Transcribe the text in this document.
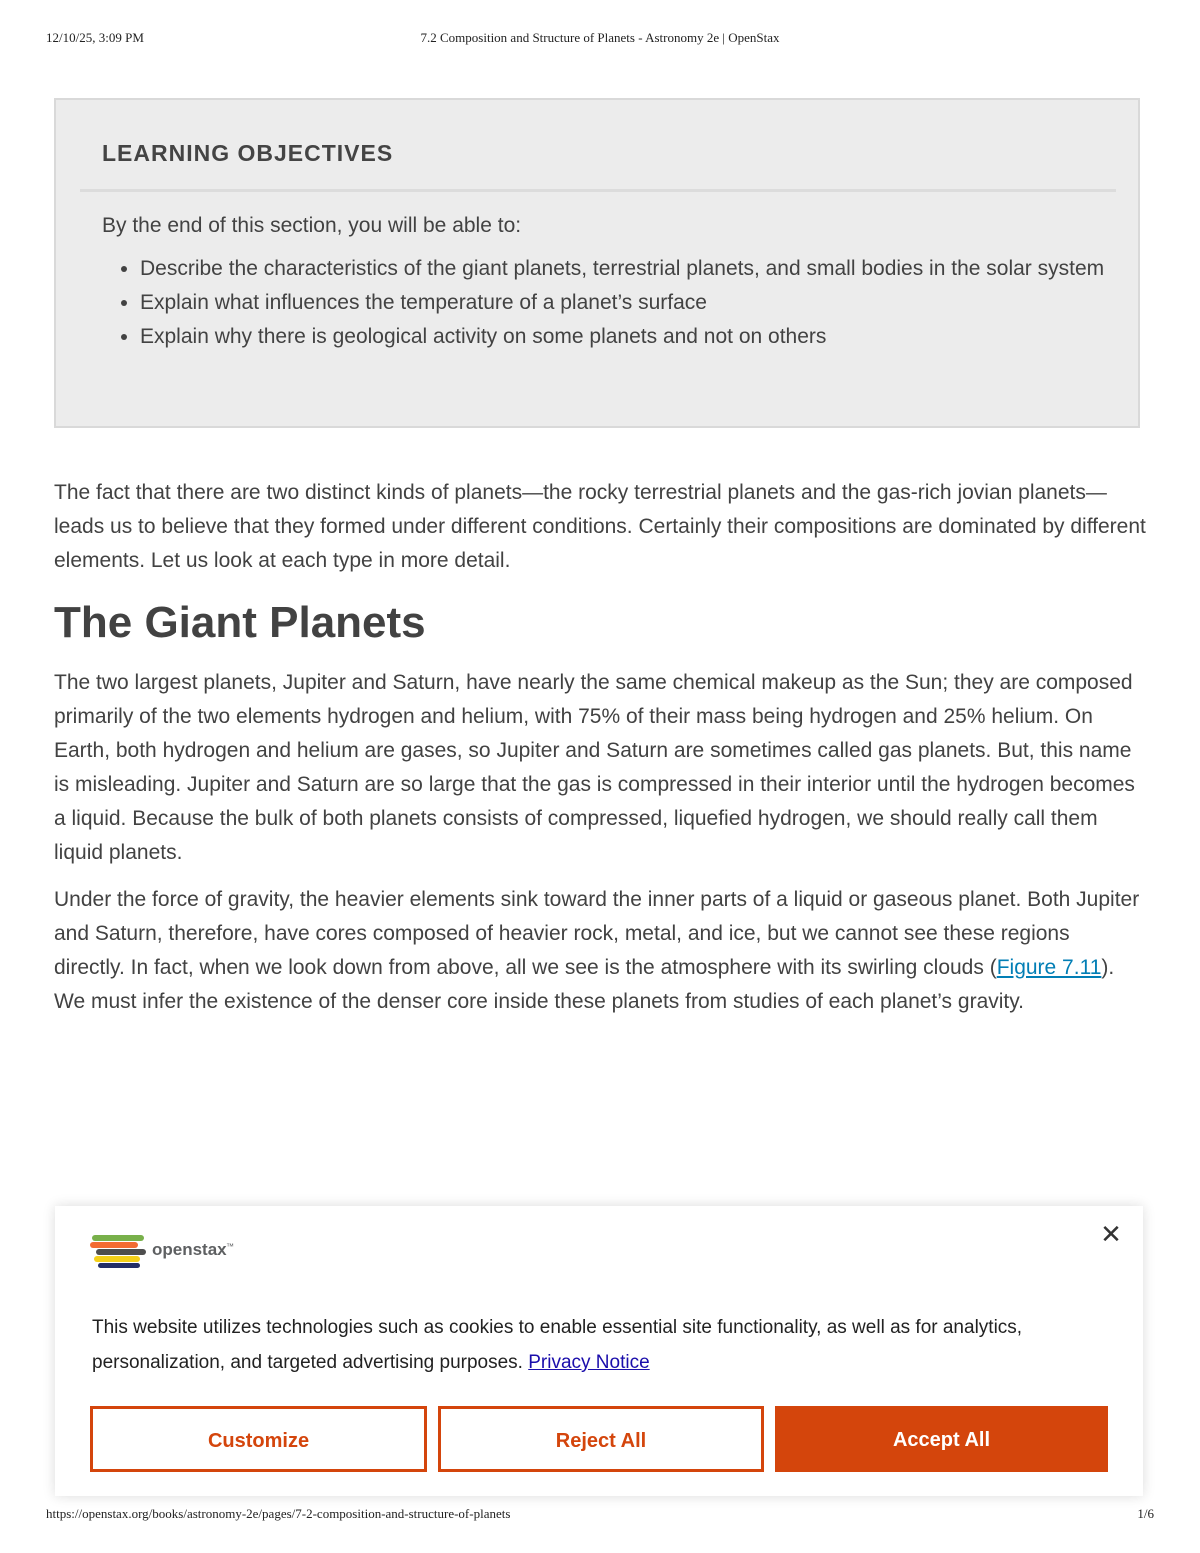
12/10/25, 3:09 PM	7.2 Composition and Structure of Planets - Astronomy 2e | OpenStax
LEARNING OBJECTIVES
By the end of this section, you will be able to:
• Describe the characteristics of the giant planets, terrestrial planets, and small bodies in the solar system
• Explain what influences the temperature of a planet’s surface
• Explain why there is geological activity on some planets and not on others

The fact that there are two distinct kinds of planets—the rocky terrestrial planets and the gas-rich jovian planets—leads us to believe that they formed under different conditions. Certainly their compositions are dominated by different elements. Let us look at each type in more detail.

The Giant Planets

The two largest planets, Jupiter and Saturn, have nearly the same chemical makeup as the Sun; they are composed primarily of the two elements hydrogen and helium, with 75% of their mass being hydrogen and 25% helium. On Earth, both hydrogen and helium are gases, so Jupiter and Saturn are sometimes called gas planets. But, this name is misleading. Jupiter and Saturn are so large that the gas is compressed in their interior until the hydrogen becomes a liquid. Because the bulk of both planets consists of compressed, liquefied hydrogen, we should really call them liquid planets.

Under the force of gravity, the heavier elements sink toward the inner parts of a liquid or gaseous planet. Both Jupiter and Saturn, therefore, have cores composed of heavier rock, metal, and ice, but we cannot see these regions directly. In fact, when we look down from above, all we see is the atmosphere with its swirling clouds (Figure 7.11). We must infer the existence of the denser core inside these planets from studies of each planet’s gravity.

openstax ™	✕
This website utilizes technologies such as cookies to enable essential site functionality, as well as for analytics, personalization, and targeted advertising purposes. Privacy Notice
Customize	Reject All	Accept All
https://openstax.org/books/astronomy-2e/pages/7-2-composition-and-structure-of-planets	1/6
